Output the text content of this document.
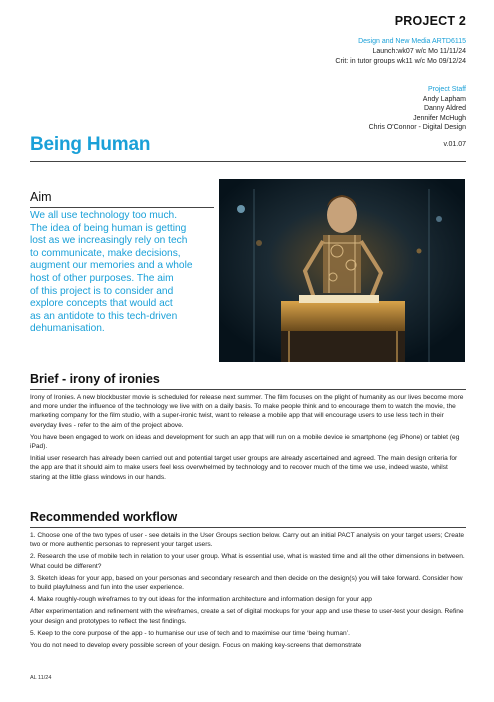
PROJECT 2
Design and New Media ARTD6115
Launch:wk07 w/c Mo 11/11/24
Crit: in tutor groups wk11 w/c Mo 09/12/24
Project Staff
Andy Lapham
Danny Aldred
Jennifer McHugh
Chris O'Connor - Digital Design
Being Human	v.01.07
Aim
We all use technology too much.
The idea of being human is getting
lost as we increasingly rely on tech
to communicate, make decisions,
augment our memories and a whole
host of other purposes. The aim
of this project is to consider and
explore concepts that would act
as an antidote to this tech-driven
dehumanisation.
Brief - irony of ironies

Irony of Ironies. A new blockbuster movie is scheduled for release next summer. The film focuses on the plight of humanity as our lives become more and more under the influence of the technology we live with on a daily basis. To make people think and to encourage them to watch the movie, the marketing company for the film studio, with a super-ironic twist, want to release a mobile app that will encourage users to use less tech in their everyday lives - refer to the aim of the project above.

You have been engaged to work on ideas and development for such an app that will run on a mobile device ie smartphone (eg iPhone) or tablet (eg iPad).

Initial user research has already been carried out and potential target user groups are already ascertained and agreed. The main design criteria for the app are that it should aim to make users feel less overwhelmed by technology and to recover much of the time we use, indeed waste, whilst staring at the little glass windows in our hands.

Recommended workflow

1. Choose one of the two types of user - see details in the User Groups section below. Carry out an initial PACT analysis on your target users; Create two or more authentic personas to represent your target users.

2. Research the use of mobile tech in relation to your user group. What is essential use, what is wasted time and all the other dimensions in between. What could be different?

3. Sketch ideas for your app, based on your personas and secondary research and then decide on the design(s) you will take forward. Consider how to build playfulness and fun into the user experience.

4. Make roughly-rough wireframes to try out ideas for the information architecture and information design for your app

After experimentation and refinement with the wireframes, create a set of digital mockups for your app and use these to user-test your design. Refine your design and prototypes to reflect the test findings.

5. Keep to the core purpose of the app - to humanise our use of tech and to maximise our time ‘being human’.

You do not need to develop every possible screen of your design. Focus on making key-screens that demonstrate

AL 11/24
